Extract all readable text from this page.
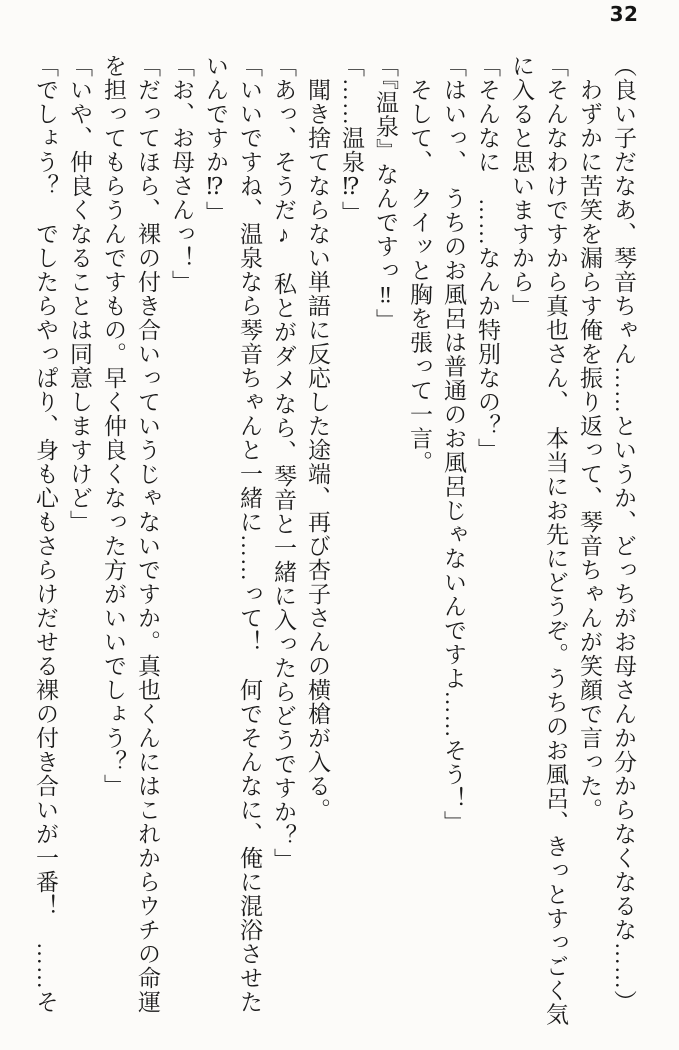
32

（良い子だなあ、琴音ちゃん……というか、どっちがお母さんか分からなくなるな……）

　わずかに苦笑を漏らす俺を振り返って、琴音ちゃんが笑顔で言った。

「そんなわけですから真也さん、　本当にお先にどうぞ。うちのお風呂、きっとすっごく気

に入ると思いますから」

「そんなに　……なんか特別なの？」

「はいっ、　うちのお風呂は普通のお風呂じゃないんですよ……そう！」

　そして、　クイッと胸を張って一言。

「『温泉』なんですっ‼」

「……温泉⁉」

　聞き捨てならない単語に反応した途端、再び杏子さんの横槍が入る。

「あっ、そうだ♪　私とがダメなら、琴音と一緒に入ったらどうですか？」

「いいですね、温泉なら琴音ちゃんと一緒に……って！　何でそんなに、俺に混浴させた

いんですか⁉」

「お、お母さんっ！」

「だってほら、裸の付き合いっていうじゃないですか。真也くんにはこれからウチの命運

を担ってもらうんですもの。早く仲良くなった方がいいでしょう？」

「いや、仲良くなることは同意しますけど」

「でしょう？　でしたらやっぱり、身も心もさらけだせる裸の付き合いが一番！　……そ
